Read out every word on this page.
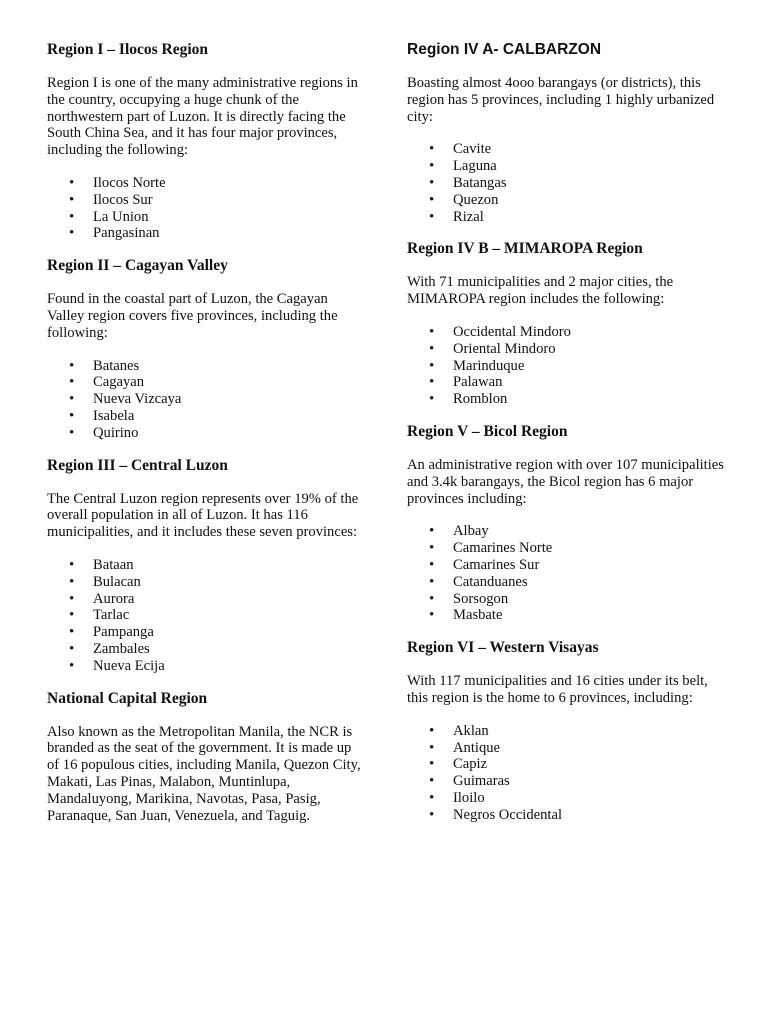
Region I – Ilocos Region

Region I is one of the many administrative regions in the country, occupying a huge chunk of the northwestern part of Luzon. It is directly facing the South China Sea, and it has four major provinces, including the following:

• Ilocos Norte
• Ilocos Sur
• La Union
• Pangasinan
Region II – Cagayan Valley

Found in the coastal part of Luzon, the Cagayan Valley region covers five provinces, including the following:

• Batanes
• Cagayan
• Nueva Vizcaya
• Isabela
• Quirino
Region III – Central Luzon

The Central Luzon region represents over 19% of the overall population in all of Luzon. It has 116 municipalities, and it includes these seven provinces:

• Bataan
• Bulacan
• Aurora
• Tarlac
• Pampanga
• Zambales
• Nueva Ecija
National Capital Region

Also known as the Metropolitan Manila, the NCR is branded as the seat of the government. It is made up of 16 populous cities, including Manila, Quezon City, Makati, Las Pinas, Malabon, Muntinlupa, Mandaluyong, Marikina, Navotas, Pasa, Pasig, Paranaque, San Juan, Venezuela, and Taguig.

Region IV A- CALBARZON

Boasting almost 4ooo barangays (or districts), this region has 5 provinces, including 1 highly urbanized city:

• Cavite
• Laguna
• Batangas
• Quezon
• Rizal
Region IV B – MIMAROPA Region

With 71 municipalities and 2 major cities, the MIMAROPA region includes the following:

• Occidental Mindoro
• Oriental Mindoro
• Marinduque
• Palawan
• Romblon
Region V – Bicol Region

An administrative region with over 107 municipalities and 3.4k barangays, the Bicol region has 6 major provinces including:

• Albay
• Camarines Norte
• Camarines Sur
• Catanduanes
• Sorsogon
• Masbate
Region VI – Western Visayas

With 117 municipalities and 16 cities under its belt, this region is the home to 6 provinces, including:

• Aklan
• Antique
• Capiz
• Guimaras
• Iloilo
• Negros Occidental
